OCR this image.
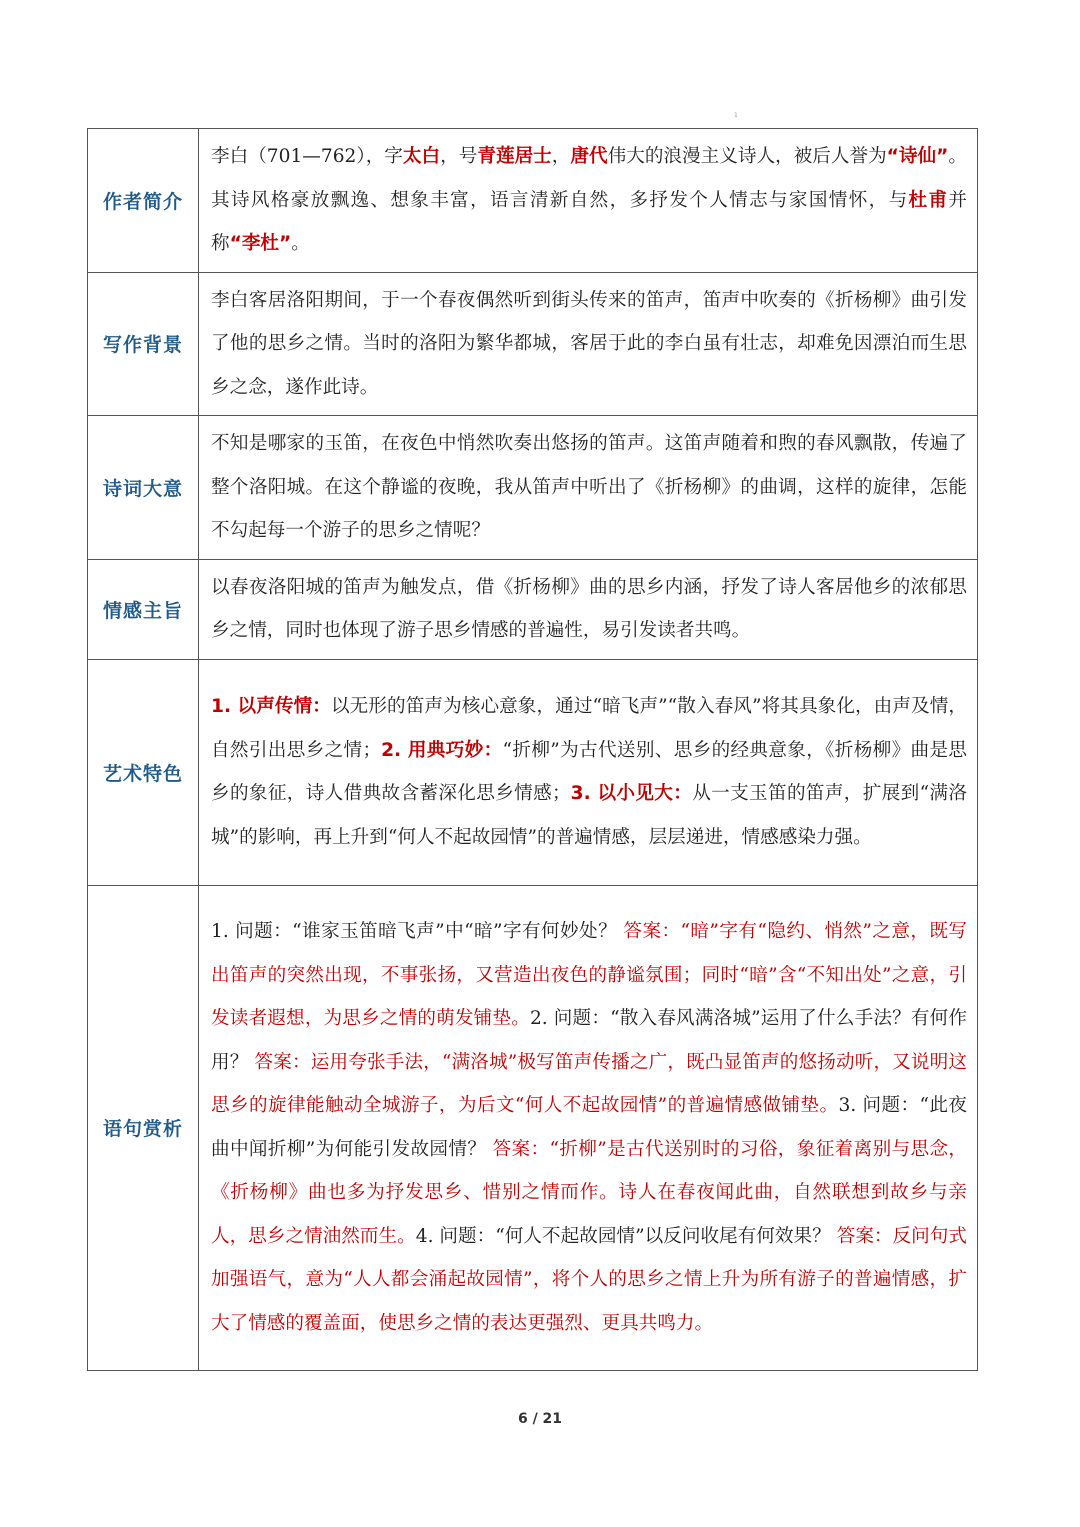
1
作者简介	李白（701—762），字太白，号青莲居士，唐代伟大的浪漫主义诗人，被后人誉为“诗仙”。其诗风格豪放飘逸、想象丰富，语言清新自然，多抒发个人情志与家国情怀，与杜甫并称“李杜”。
写作背景	李白客居洛阳期间，于一个春夜偶然听到街头传来的笛声，笛声中吹奏的《折杨柳》曲引发了他的思乡之情。当时的洛阳为繁华都城，客居于此的李白虽有壮志，却难免因漂泊而生思乡之念，遂作此诗。
诗词大意	不知是哪家的玉笛，在夜色中悄然吹奏出悠扬的笛声。这笛声随着和煦的春风飘散，传遍了整个洛阳城。在这个静谧的夜晚，我从笛声中听出了《折杨柳》的曲调，这样的旋律，怎能不勾起每一个游子的思乡之情呢？
情感主旨	以春夜洛阳城的笛声为触发点，借《折杨柳》曲的思乡内涵，抒发了诗人客居他乡的浓郁思乡之情，同时也体现了游子思乡情感的普遍性，易引发读者共鸣。
艺术特色	1. 以声传情：以无形的笛声为核心意象，通过“暗飞声”“散入春风”将其具象化，由声及情，自然引出思乡之情；2. 用典巧妙：“折柳”为古代送别、思乡的经典意象，《折杨柳》曲是思乡的象征，诗人借典故含蓄深化思乡情感；3. 以小见大：从一支玉笛的笛声，扩展到“满洛城”的影响，再上升到“何人不起故园情”的普遍情感，层层递进，情感感染力强。
语句赏析	1. 问题：“谁家玉笛暗飞声”中“暗”字有何妙处？ 答案：“暗”字有“隐约、悄然”之意，既写出笛声的突然出现，不事张扬，又营造出夜色的静谧氛围；同时“暗”含“不知出处”之意，引发读者遐想，为思乡之情的萌发铺垫。2. 问题：“散入春风满洛城”运用了什么手法？有何作用？ 答案：运用夸张手法，“满洛城”极写笛声传播之广，既凸显笛声的悠扬动听，又说明这思乡的旋律能触动全城游子，为后文“何人不起故园情”的普遍情感做铺垫。3. 问题：“此夜曲中闻折柳”为何能引发故园情？ 答案：“折柳”是古代送别时的习俗，象征着离别与思念，《折杨柳》曲也多为抒发思乡、惜别之情而作。诗人在春夜闻此曲，自然联想到故乡与亲人，思乡之情油然而生。4. 问题：“何人不起故园情”以反问收尾有何效果？ 答案：反问句式加强语气，意为“人人都会涌起故园情”，将个人的思乡之情上升为所有游子的普遍情感，扩大了情感的覆盖面，使思乡之情的表达更强烈、更具共鸣力。
6 / 21
